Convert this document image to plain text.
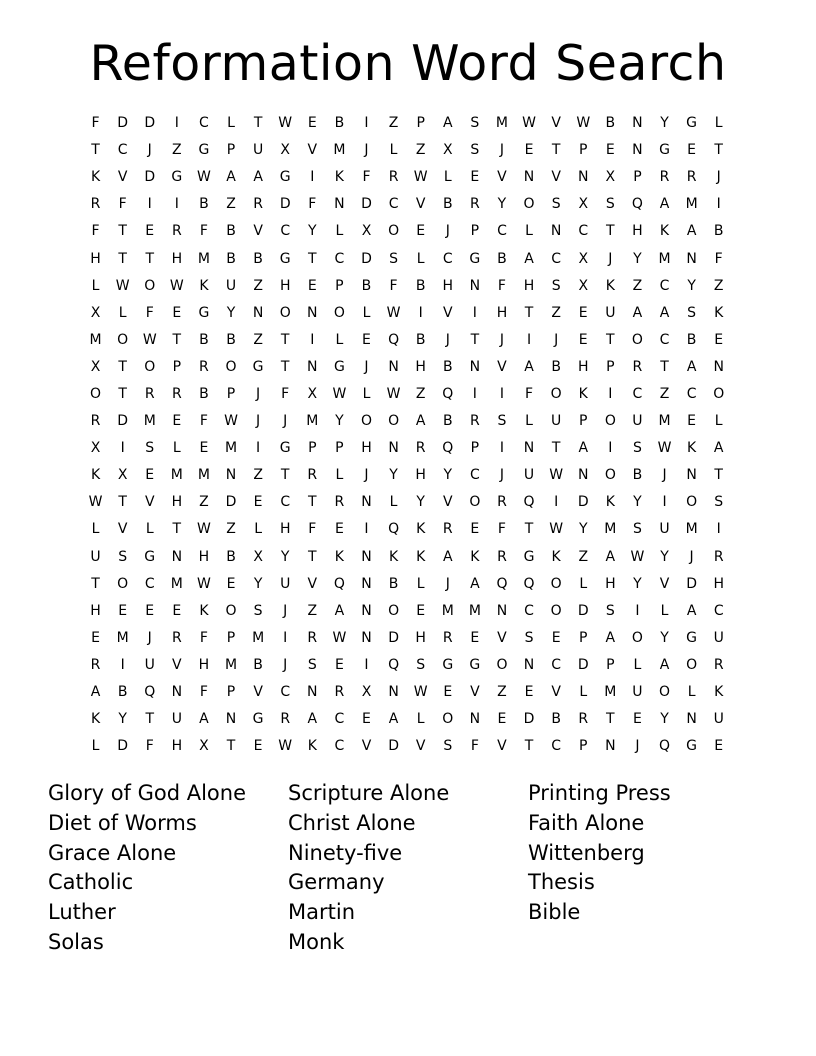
Reformation Word Search
F	D	D	I	C	L	T	W	E	B	I	Z	P	A	S	M	W	V	W	B	N	Y	G	L
T	C	J	Z	G	P	U	X	V	M	J	L	Z	X	S	J	E	T	P	E	N	G	E	T
K	V	D	G	W	A	A	G	I	K	F	R	W	L	E	V	N	V	N	X	P	R	R	J
R	F	I	I	B	Z	R	D	F	N	D	C	V	B	R	Y	O	S	X	S	Q	A	M	I
F	T	E	R	F	B	V	C	Y	L	X	O	E	J	P	C	L	N	C	T	H	K	A	B
H	T	T	H	M	B	B	G	T	C	D	S	L	C	G	B	A	C	X	J	Y	M	N	F
L	W	O	W	K	U	Z	H	E	P	B	F	B	H	N	F	H	S	X	K	Z	C	Y	Z
X	L	F	E	G	Y	N	O	N	O	L	W	I	V	I	H	T	Z	E	U	A	A	S	K
M	O	W	T	B	B	Z	T	I	L	E	Q	B	J	T	J	I	J	E	T	O	C	B	E
X	T	O	P	R	O	G	T	N	G	J	N	H	B	N	V	A	B	H	P	R	T	A	N
O	T	R	R	B	P	J	F	X	W	L	W	Z	Q	I	I	F	O	K	I	C	Z	C	O
R	D	M	E	F	W	J	J	M	Y	O	O	A	B	R	S	L	U	P	O	U	M	E	L
X	I	S	L	E	M	I	G	P	P	H	N	R	Q	P	I	N	T	A	I	S	W	K	A
K	X	E	M	M	N	Z	T	R	L	J	Y	H	Y	C	J	U	W	N	O	B	J	N	T
W	T	V	H	Z	D	E	C	T	R	N	L	Y	V	O	R	Q	I	D	K	Y	I	O	S
L	V	L	T	W	Z	L	H	F	E	I	Q	K	R	E	F	T	W	Y	M	S	U	M	I
U	S	G	N	H	B	X	Y	T	K	N	K	K	A	K	R	G	K	Z	A	W	Y	J	R
T	O	C	M	W	E	Y	U	V	Q	N	B	L	J	A	Q	Q	O	L	H	Y	V	D	H
H	E	E	E	K	O	S	J	Z	A	N	O	E	M	M	N	C	O	D	S	I	L	A	C
E	M	J	R	F	P	M	I	R	W	N	D	H	R	E	V	S	E	P	A	O	Y	G	U
R	I	U	V	H	M	B	J	S	E	I	Q	S	G	G	O	N	C	D	P	L	A	O	R
A	B	Q	N	F	P	V	C	N	R	X	N	W	E	V	Z	E	V	L	M	U	O	L	K
K	Y	T	U	A	N	G	R	A	C	E	A	L	O	N	E	D	B	R	T	E	Y	N	U
L	D	F	H	X	T	E	W	K	C	V	D	V	S	F	V	T	C	P	N	J	Q	G	E
Glory of God Alone
Diet of Worms
Grace Alone
Catholic
Luther
Solas
Scripture Alone
Christ Alone
Ninety-five
Germany
Martin
Monk
Printing Press
Faith Alone
Wittenberg
Thesis
Bible
